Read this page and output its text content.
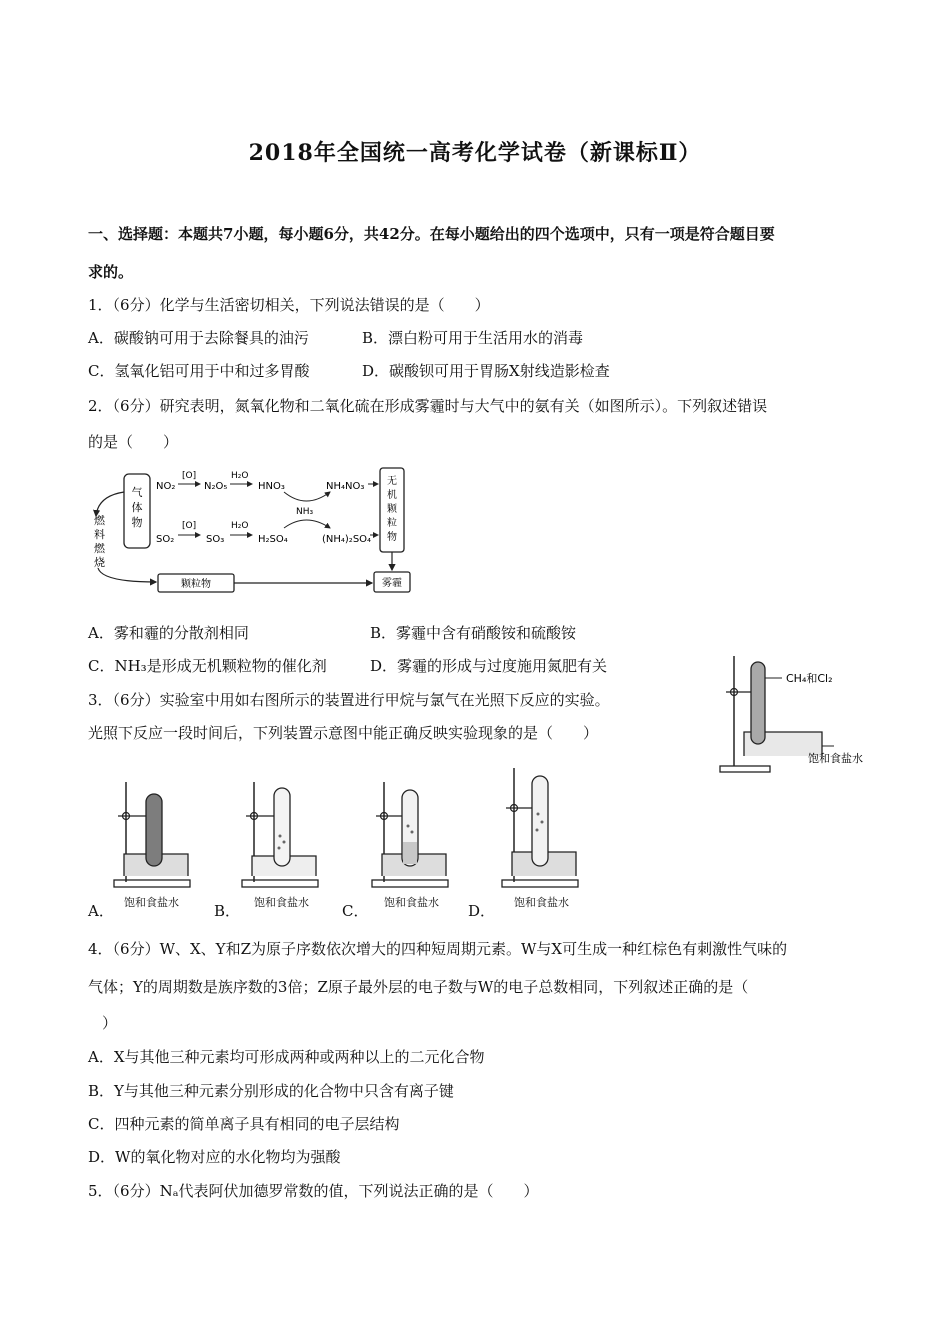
2018年全国统一高考化学试卷（新课标Ⅱ）
一、选择题：本题共7小题，每小题6分，共42分。在每小题给出的四个选项中，只有一项是符合题目要
求的。
1．（6分）化学与生活密切相关，下列说法错误的是（　　）
A．碳酸钠可用于去除餐具的油污	B．漂白粉可用于生活用水的消毒
C．氢氧化铝可用于中和过多胃酸	D．碳酸钡可用于胃肠X射线造影检查
2．（6分）研究表明，氮氧化物和二氧化硫在形成雾霾时与大气中的氨有关（如图所示）。下列叙述错误
的是（　　）
气
体
物
燃
料
燃
烧
NO₂
[O]
N₂O₅
H₂O
HNO₃	NH₄NO₃
NH₃
SO₂
[O]
SO₃
H₂O
H₂SO₄	(NH₄)₂SO₄
无
机
颗
粒
物
颗粒物	雾霾
A．雾和霾的分散剂相同	B．雾霾中含有硝酸铵和硫酸铵
C．NH₃是形成无机颗粒物的催化剂	D．雾霾的形成与过度施用氮肥有关
3．（6分）实验室中用如右图所示的装置进行甲烷与氯气在光照下反应的实验。
光照下反应一段时间后，下列装置示意图中能正确反映实验现象的是（　　）
CH₄和Cl₂
饱和食盐水
A． 饱和食盐水 B． 饱和食盐水 C． 饱和食盐水 D． 饱和食盐水
4．（6分）W、X、Y和Z为原子序数依次增大的四种短周期元素。W与X可生成一种红棕色有刺激性气味的
气体；Y的周期数是族序数的3倍；Z原子最外层的电子数与W的电子总数相同，下列叙述正确的是（
）
A．X与其他三种元素均可形成两种或两种以上的二元化合物
B．Y与其他三种元素分别形成的化合物中只含有离子键
C．四种元素的简单离子具有相同的电子层结构
D．W的氧化物对应的水化物均为强酸
5．（6分）Nₐ代表阿伏加德罗常数的值，下列说法正确的是（　　）
